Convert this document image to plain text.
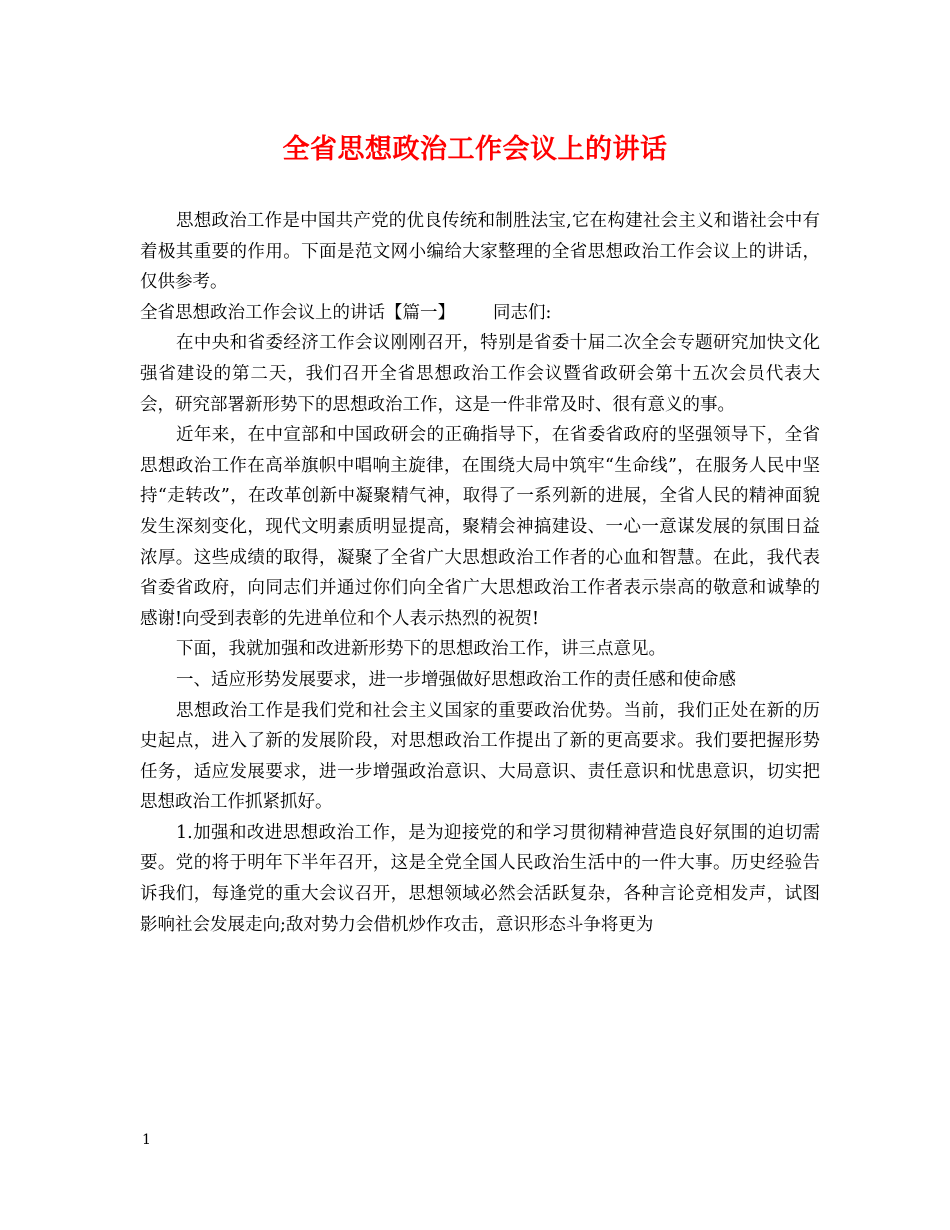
全省思想政治工作会议上的讲话

思想政治工作是中国共产党的优良传统和制胜法宝,它在构建社会主义和谐社会中有着极其重要的作用。下面是范文网小编给大家整理的全省思想政治工作会议上的讲话，仅供参考。

全省思想政治工作会议上的讲话【篇一】 同志们:

在中央和省委经济工作会议刚刚召开，特别是省委十届二次全会专题研究加快文化强省建设的第二天，我们召开全省思想政治工作会议暨省政研会第十五次会员代表大会，研究部署新形势下的思想政治工作，这是一件非常及时、很有意义的事。

近年来，在中宣部和中国政研会的正确指导下，在省委省政府的坚强领导下，全省思想政治工作在高举旗帜中唱响主旋律，在围绕大局中筑牢“生命线”，在服务人民中坚持“走转改”，在改革创新中凝聚精气神，取得了一系列新的进展，全省人民的精神面貌发生深刻变化，现代文明素质明显提高，聚精会神搞建设、一心一意谋发展的氛围日益浓厚。这些成绩的取得，凝聚了全省广大思想政治工作者的心血和智慧。在此，我代表省委省政府，向同志们并通过你们向全省广大思想政治工作者表示崇高的敬意和诚挚的感谢!向受到表彰的先进单位和个人表示热烈的祝贺!

下面，我就加强和改进新形势下的思想政治工作，讲三点意见。

一、适应形势发展要求，进一步增强做好思想政治工作的责任感和使命感

思想政治工作是我们党和社会主义国家的重要政治优势。当前，我们正处在新的历史起点，进入了新的发展阶段，对思想政治工作提出了新的更高要求。我们要把握形势任务，适应发展要求，进一步增强政治意识、大局意识、责任意识和忧患意识，切实把思想政治工作抓紧抓好。

1.加强和改进思想政治工作，是为迎接党的和学习贯彻精神营造良好氛围的迫切需要。党的将于明年下半年召开，这是全党全国人民政治生活中的一件大事。历史经验告诉我们，每逢党的重大会议召开，思想领域必然会活跃复杂，各种言论竞相发声，试图影响社会发展走向;敌对势力会借机炒作攻击，意识形态斗争将更为

1
